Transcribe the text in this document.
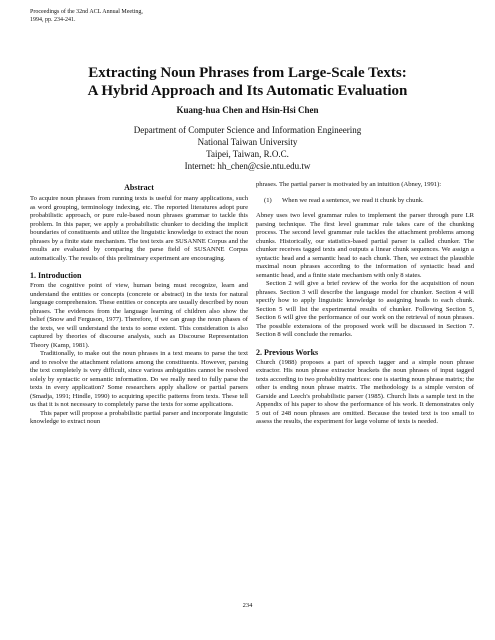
Proceedings of the 32nd ACL Annual Meeting,
1994, pp. 234-241.
Extracting Noun Phrases from Large-Scale Texts:
A Hybrid Approach and Its Automatic Evaluation
Kuang-hua Chen and Hsin-Hsi Chen
Department of Computer Science and Information Engineering
National Taiwan University
Taipei, Taiwan, R.O.C.
Internet: hh_chen@csie.ntu.edu.tw
Abstract

To acquire noun phrases from running texts is useful for many applications, such as word grouping, terminology indexing, etc. The reported literatures adopt pure probabilistic approach, or pure rule-based noun phrases grammar to tackle this problem. In this paper, we apply a probabilistic chunker to deciding the implicit boundaries of constituents and utilize the linguistic knowledge to extract the noun phrases by a finite state mechanism. The test texts are SUSANNE Corpus and the results are evaluated by comparing the parse field of SUSANNE Corpus automatically. The results of this preliminary experiment are encouraging.

1. Introduction

From the cognitive point of view, human being must recognize, learn and understand the entities or concepts (concrete or abstract) in the texts for natural language comprehension. These entities or concepts are usually described by noun phrases. The evidences from the language learning of children also show the belief (Snow and Ferguson, 1977). Therefore, if we can grasp the noun phases of the texts, we will understand the texts to some extent. This consideration is also captured by theories of discourse analysis, such as Discourse Representation Theory (Kamp, 1981).

Traditionally, to make out the noun phrases in a text means to parse the text and to resolve the attachment relations among the constituents. However, parsing the text completely is very difficult, since various ambiguities cannot be resolved solely by syntactic or semantic information. Do we really need to fully parse the texts in every application? Some researchers apply shallow or partial parsers (Smadja, 1991; Hindle, 1990) to acquiring specific patterns from texts. These tell us that it is not necessary to completely parse the texts for some applications.

This paper will propose a probabilistic partial parser and incorporate linguistic knowledge to extract noun

phrases. The partial parser is motivated by an intuition (Abney, 1991):

(1)	When we read a sentence, we read it chunk by chunk.

Abney uses two level grammar rules to implement the parser through pure LR parsing technique. The first level grammar rule takes care of the chunking process. The second level grammar rule tackles the attachment problems among chunks. Historically, our statistics-based partial parser is called chunker. The chunker receives tagged texts and outputs a linear chunk sequences. We assign a syntactic head and a semantic head to each chunk. Then, we extract the plausible maximal noun phrases according to the information of syntactic head and semantic head, and a finite state mechanism with only 8 states.

Section 2 will give a brief review of the works for the acquisition of noun phrases. Section 3 will describe the language model for chunker. Section 4 will specify how to apply linguistic knowledge to assigning heads to each chunk. Section 5 will list the experimental results of chunker. Following Section 5, Section 6 will give the performance of our work on the retrieval of noun phrases. The possible extensions of the proposed work will be discussed in Section 7. Section 8 will conclude the remarks.

2. Previous Works

Church (1988) proposes a part of speech tagger and a simple noun phrase extractor. His noun phrase extractor brackets the noun phrases of input tagged texts according to two probability matrices: one is starting noun phrase matrix; the other is ending noun phrase matrix. The methodology is a simple version of Garside and Leech's probabilistic parser (1985). Church lists a sample text in the Appendix of his paper to show the performance of his work. It demonstrates only 5 out of 248 noun phrases are omitted. Because the tested text is too small to assess the results, the experiment for large volume of texts is needed.

234
